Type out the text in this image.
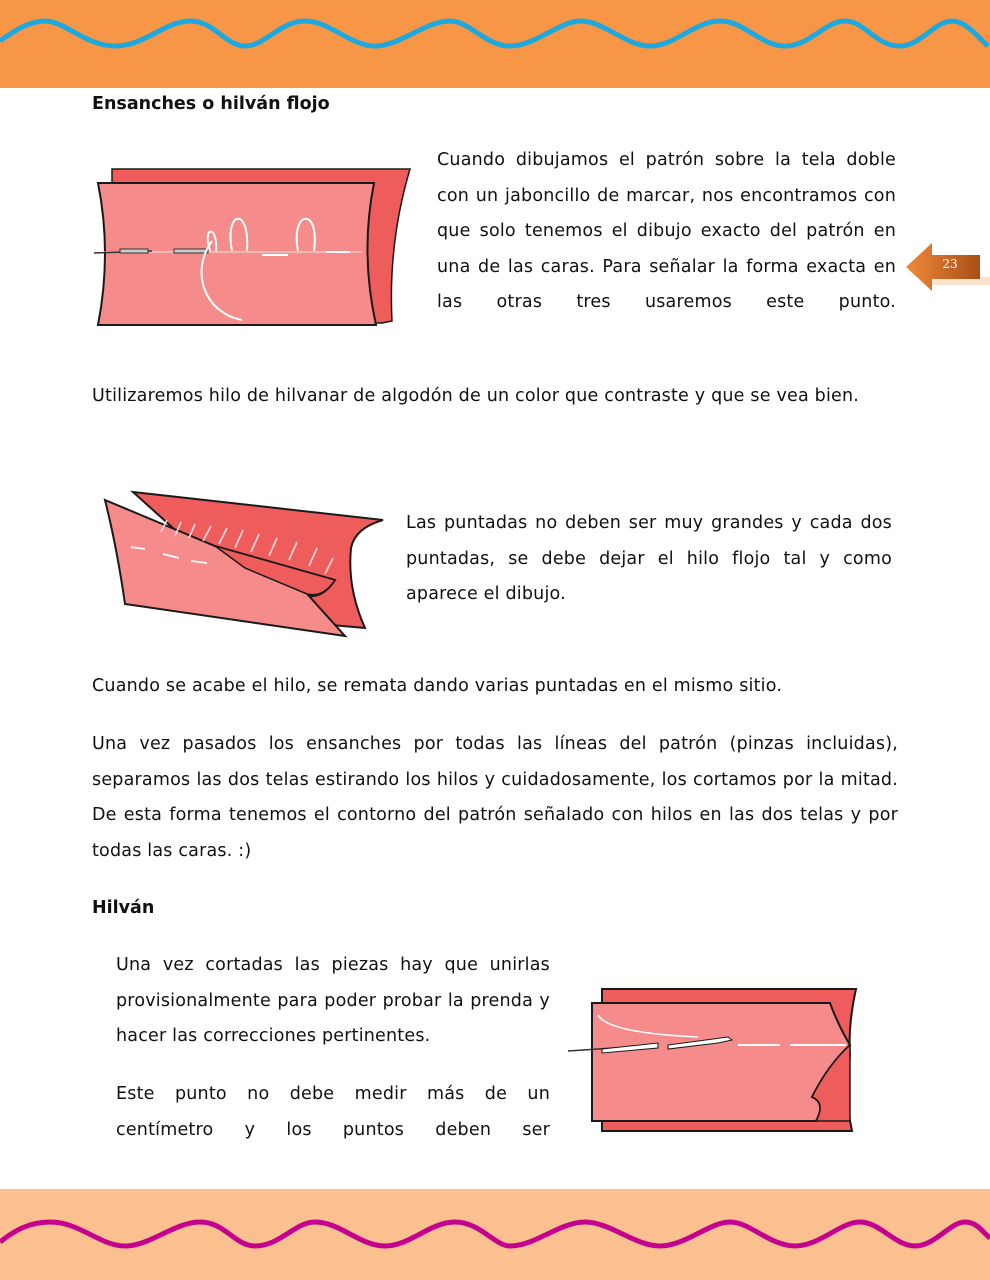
23
Ensanches o hilván flojo

Cuando dibujamos el patrón sobre la tela doble con un jaboncillo de marcar, nos encontramos con que solo tenemos el dibujo exacto del patrón en una de las caras. Para señalar la forma exacta en las otras tres usaremos este punto.

Utilizaremos hilo de hilvanar de algodón de un color que contraste y que se vea bien.

Las puntadas no deben ser muy grandes y cada dos puntadas, se debe dejar el hilo flojo tal y como aparece el dibujo.

Cuando se acabe el hilo, se remata dando varias puntadas en el mismo sitio.

Una vez pasados los ensanches por todas las líneas del patrón (pinzas incluidas), separamos las dos telas estirando los hilos y cuidadosamente, los cortamos por la mitad. De esta forma tenemos el contorno del patrón señalado con hilos en las dos telas y por todas las caras. :)

Hilván

Una vez cortadas las piezas hay que unirlas provisionalmente para poder probar la prenda y hacer las correcciones pertinentes.

Este punto no debe medir más de un centímetro y los puntos deben ser
